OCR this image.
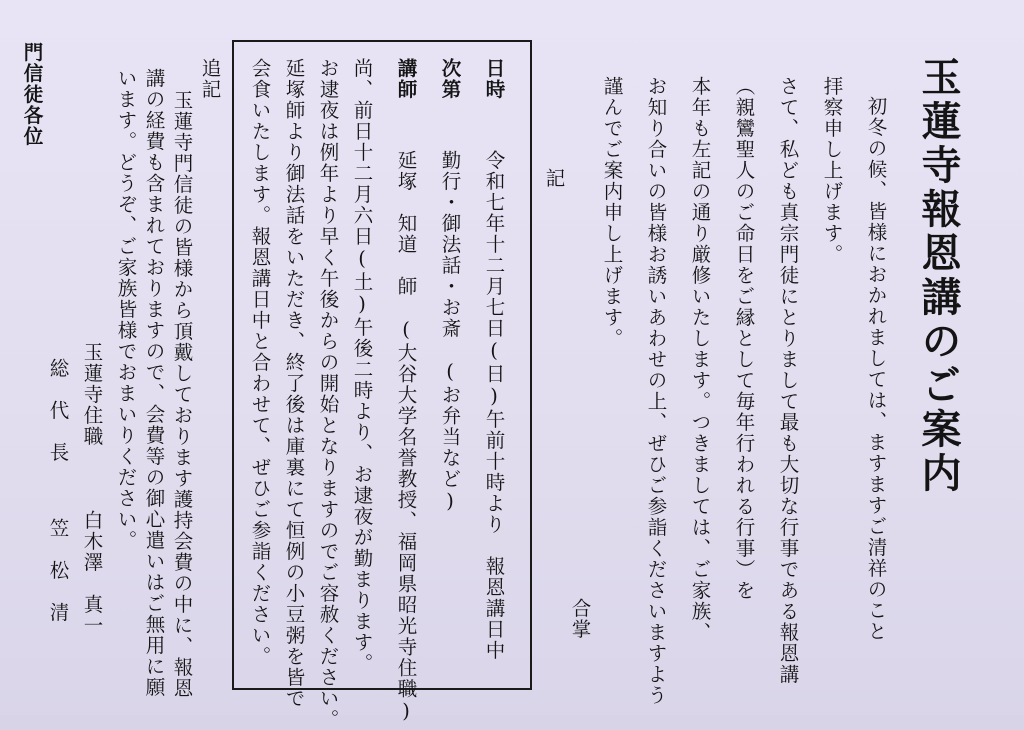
玉蓮寺報恩講のご案内
初冬の候、皆様におかれましては、ますますご清祥のこと
拝察申し上げます。
さて、私ども真宗門徒にとりまして最も大切な行事である報恩講
（親鸞聖人のご命日をご縁として毎年行われる行事）を
本年も左記の通り厳修いたします。つきましては、ご家族、
お知り合いの皆様お誘いあわせの上、ぜひご参詣くださいますよう
謹んでご案内申し上げます。
合掌
記
日時
令和七年十二月七日(日)午前十時より　報恩講日中
次第
勤行・御法話・お斎　(お弁当など)
講師
延塚　知道　師　(大谷大学名誉教授、福岡県昭光寺住職)
尚、前日十二月六日(土)午後二時より、お逮夜が勤まります。
お逮夜は例年より早く午後からの開始となりますのでご容赦ください。
延塚師より御法話をいただき、終了後は庫裏にて恒例の小豆粥を皆で
会食いたします。報恩講日中と合わせて、ぜひご参詣ください。
追記
玉蓮寺門信徒の皆様から頂戴しております護持会費の中に、報恩
講の経費も含まれておりますので、会費等の御心遣いはご無用に願
います。どうぞ、ご家族皆様でおまいりください。
玉蓮寺住職
白木澤　真一
総　代　長
笠　松　清
門信徒各位
